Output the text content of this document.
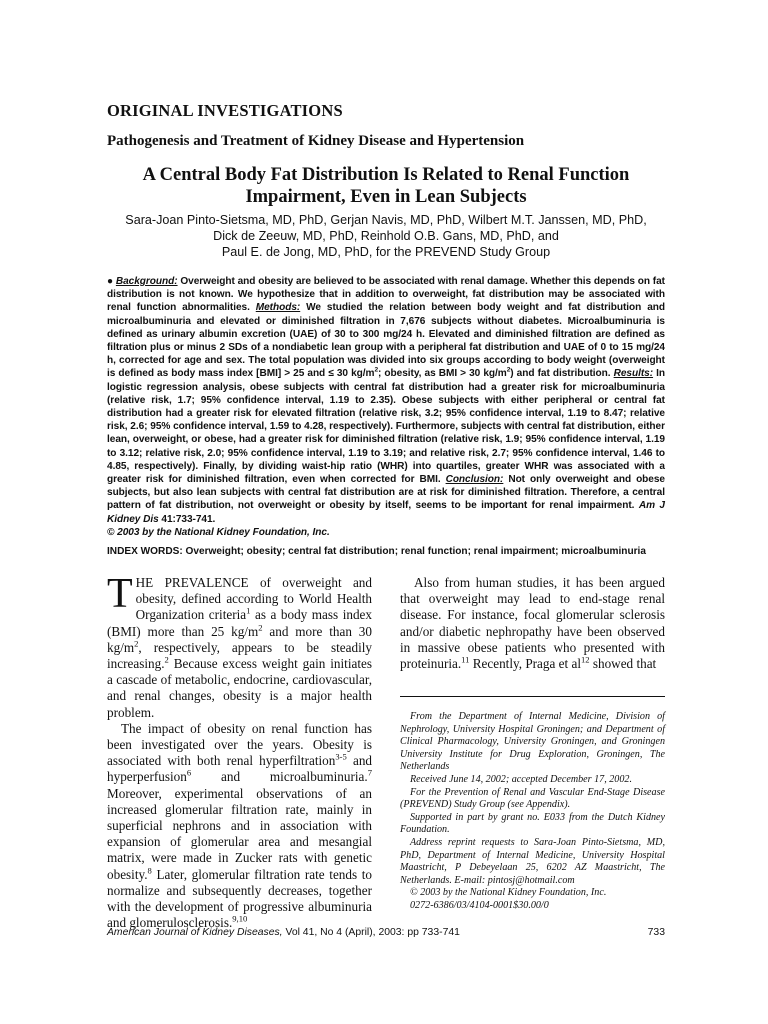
ORIGINAL INVESTIGATIONS
Pathogenesis and Treatment of Kidney Disease and Hypertension
A Central Body Fat Distribution Is Related to Renal Function Impairment, Even in Lean Subjects
Sara-Joan Pinto-Sietsma, MD, PhD, Gerjan Navis, MD, PhD, Wilbert M.T. Janssen, MD, PhD,
Dick de Zeeuw, MD, PhD, Reinhold O.B. Gans, MD, PhD, and
Paul E. de Jong, MD, PhD, for the PREVEND Study Group
● Background: Overweight and obesity are believed to be associated with renal damage. Whether this depends on fat distribution is not known. We hypothesize that in addition to overweight, fat distribution may be associated with renal function abnormalities. Methods: We studied the relation between body weight and fat distribution and microalbuminuria and elevated or diminished filtration in 7,676 subjects without diabetes. Microalbuminuria is defined as urinary albumin excretion (UAE) of 30 to 300 mg/24 h. Elevated and diminished filtration are defined as filtration plus or minus 2 SDs of a nondiabetic lean group with a peripheral fat distribution and UAE of 0 to 15 mg/24 h, corrected for age and sex. The total population was divided into six groups according to body weight (overweight is defined as body mass index [BMI] > 25 and ≤ 30 $kg/m^2$; obesity, as BMI > 30 $kg/m^2$) and fat distribution. Results: In logistic regression analysis, obese subjects with central fat distribution had a greater risk for microalbuminuria (relative risk, 1.7; 95% confidence interval, 1.19 to 2.35). Obese subjects with either peripheral or central fat distribution had a greater risk for elevated filtration (relative risk, 3.2; 95% confidence interval, 1.19 to 8.47; relative risk, 2.6; 95% confidence interval, 1.59 to 4.28, respectively). Furthermore, subjects with central fat distribution, either lean, overweight, or obese, had a greater risk for diminished filtration (relative risk, 1.9; 95% confidence interval, 1.19 to 3.12; relative risk, 2.0; 95% confidence interval, 1.19 to 3.19; and relative risk, 2.7; 95% confidence interval, 1.46 to 4.85, respectively). Finally, by dividing waist-hip ratio (WHR) into quartiles, greater WHR was associated with a greater risk for diminished filtration, even when corrected for BMI. Conclusion: Not only overweight and obese subjects, but also lean subjects with central fat distribution are at risk for diminished filtration. Therefore, a central pattern of fat distribution, not overweight or obesity by itself, seems to be important for renal impairment. Am J Kidney Dis 41:733-741.
© 2003 by the National Kidney Foundation, Inc.
INDEX WORDS: Overweight; obesity; central fat distribution; renal function; renal impairment; microalbuminuria

THE PREVALENCE of overweight and obesity, defined according to World Health Organization criteria$^1$ as a body mass index (BMI) more than 25 $kg/m^2$ and more than 30 $kg/m^2$, respectively, appears to be steadily increasing.$^2$ Because excess weight gain initiates a cascade of metabolic, endocrine, cardiovascular, and renal changes, obesity is a major health problem.

The impact of obesity on renal function has been investigated over the years. Obesity is associated with both renal hyperfiltration$^{3-5}$ and hyperperfusion$^6$ and microalbuminuria.$^7$ Moreover, experimental observations of an increased glomerular filtration rate, mainly in superficial nephrons and in association with expansion of glomerular area and mesangial matrix, were made in Zucker rats with genetic obesity.$^8$ Later, glomerular filtration rate tends to normalize and subsequently decreases, together with the development of progressive albuminuria and glomerulosclerosis.$^{9,10}$

Also from human studies, it has been argued that overweight may lead to end-stage renal disease. For instance, focal glomerular sclerosis and/or diabetic nephropathy have been observed in massive obese patients who presented with proteinuria.$^{11}$ Recently, Praga et $al^{12}$ showed that

From the Department of Internal Medicine, Division of Nephrology, University Hospital Groningen; and Department of Clinical Pharmacology, University Groningen, and Groningen University Institute for Drug Exploration, Groningen, The Netherlands

Received June 14, 2002; accepted December 17, 2002.

For the Prevention of Renal and Vascular End-Stage Disease (PREVEND) Study Group (see Appendix).

Supported in part by grant no. E033 from the Dutch Kidney Foundation.

Address reprint requests to Sara-Joan Pinto-Sietsma, MD, PhD, Department of Internal Medicine, University Hospital Maastricht, P Debeyelaan 25, 6202 AZ Maastricht, The Netherlands. E-mail: pintosj@hotmail.com

© 2003 by the National Kidney Foundation, Inc.

0272-6386/03/4104-0001$30.00/0

American Journal of Kidney Diseases, Vol 41, No 4 (April), 2003: pp 733-741	733
